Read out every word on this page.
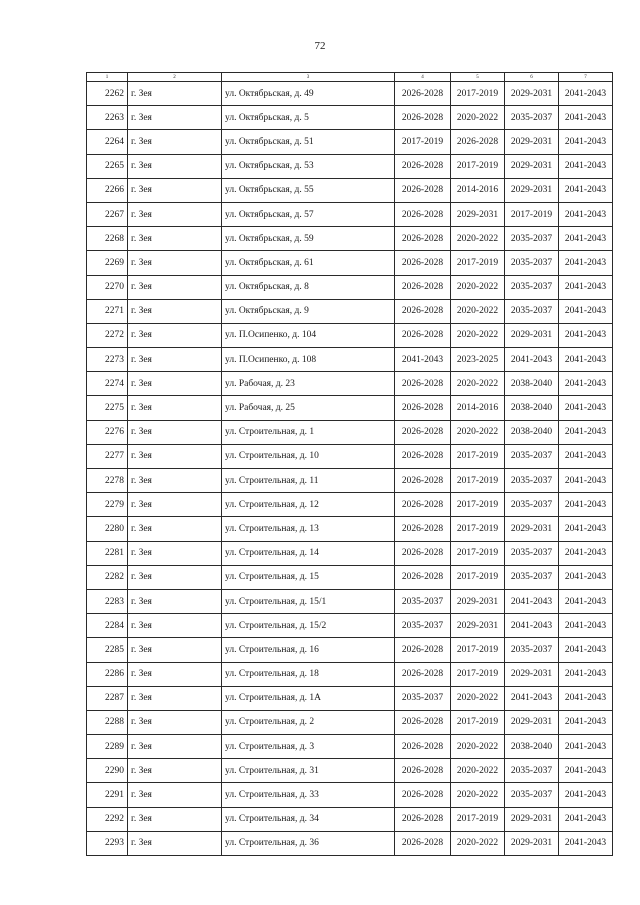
72
1	2	3	4	5	6	7
2262	г. Зея	ул. Октябрьская, д. 49	2026-2028	2017-2019	2029-2031	2041-2043
2263	г. Зея	ул. Октябрьская, д. 5	2026-2028	2020-2022	2035-2037	2041-2043
2264	г. Зея	ул. Октябрьская, д. 51	2017-2019	2026-2028	2029-2031	2041-2043
2265	г. Зея	ул. Октябрьская, д. 53	2026-2028	2017-2019	2029-2031	2041-2043
2266	г. Зея	ул. Октябрьская, д. 55	2026-2028	2014-2016	2029-2031	2041-2043
2267	г. Зея	ул. Октябрьская, д. 57	2026-2028	2029-2031	2017-2019	2041-2043
2268	г. Зея	ул. Октябрьская, д. 59	2026-2028	2020-2022	2035-2037	2041-2043
2269	г. Зея	ул. Октябрьская, д. 61	2026-2028	2017-2019	2035-2037	2041-2043
2270	г. Зея	ул. Октябрьская, д. 8	2026-2028	2020-2022	2035-2037	2041-2043
2271	г. Зея	ул. Октябрьская, д. 9	2026-2028	2020-2022	2035-2037	2041-2043
2272	г. Зея	ул. П.Осипенко, д. 104	2026-2028	2020-2022	2029-2031	2041-2043
2273	г. Зея	ул. П.Осипенко, д. 108	2041-2043	2023-2025	2041-2043	2041-2043
2274	г. Зея	ул. Рабочая, д. 23	2026-2028	2020-2022	2038-2040	2041-2043
2275	г. Зея	ул. Рабочая, д. 25	2026-2028	2014-2016	2038-2040	2041-2043
2276	г. Зея	ул. Строительная, д. 1	2026-2028	2020-2022	2038-2040	2041-2043
2277	г. Зея	ул. Строительная, д. 10	2026-2028	2017-2019	2035-2037	2041-2043
2278	г. Зея	ул. Строительная, д. 11	2026-2028	2017-2019	2035-2037	2041-2043
2279	г. Зея	ул. Строительная, д. 12	2026-2028	2017-2019	2035-2037	2041-2043
2280	г. Зея	ул. Строительная, д. 13	2026-2028	2017-2019	2029-2031	2041-2043
2281	г. Зея	ул. Строительная, д. 14	2026-2028	2017-2019	2035-2037	2041-2043
2282	г. Зея	ул. Строительная, д. 15	2026-2028	2017-2019	2035-2037	2041-2043
2283	г. Зея	ул. Строительная, д. 15/1	2035-2037	2029-2031	2041-2043	2041-2043
2284	г. Зея	ул. Строительная, д. 15/2	2035-2037	2029-2031	2041-2043	2041-2043
2285	г. Зея	ул. Строительная, д. 16	2026-2028	2017-2019	2035-2037	2041-2043
2286	г. Зея	ул. Строительная, д. 18	2026-2028	2017-2019	2029-2031	2041-2043
2287	г. Зея	ул. Строительная, д. 1А	2035-2037	2020-2022	2041-2043	2041-2043
2288	г. Зея	ул. Строительная, д. 2	2026-2028	2017-2019	2029-2031	2041-2043
2289	г. Зея	ул. Строительная, д. 3	2026-2028	2020-2022	2038-2040	2041-2043
2290	г. Зея	ул. Строительная, д. 31	2026-2028	2020-2022	2035-2037	2041-2043
2291	г. Зея	ул. Строительная, д. 33	2026-2028	2020-2022	2035-2037	2041-2043
2292	г. Зея	ул. Строительная, д. 34	2026-2028	2017-2019	2029-2031	2041-2043
2293	г. Зея	ул. Строительная, д. 36	2026-2028	2020-2022	2029-2031	2041-2043
